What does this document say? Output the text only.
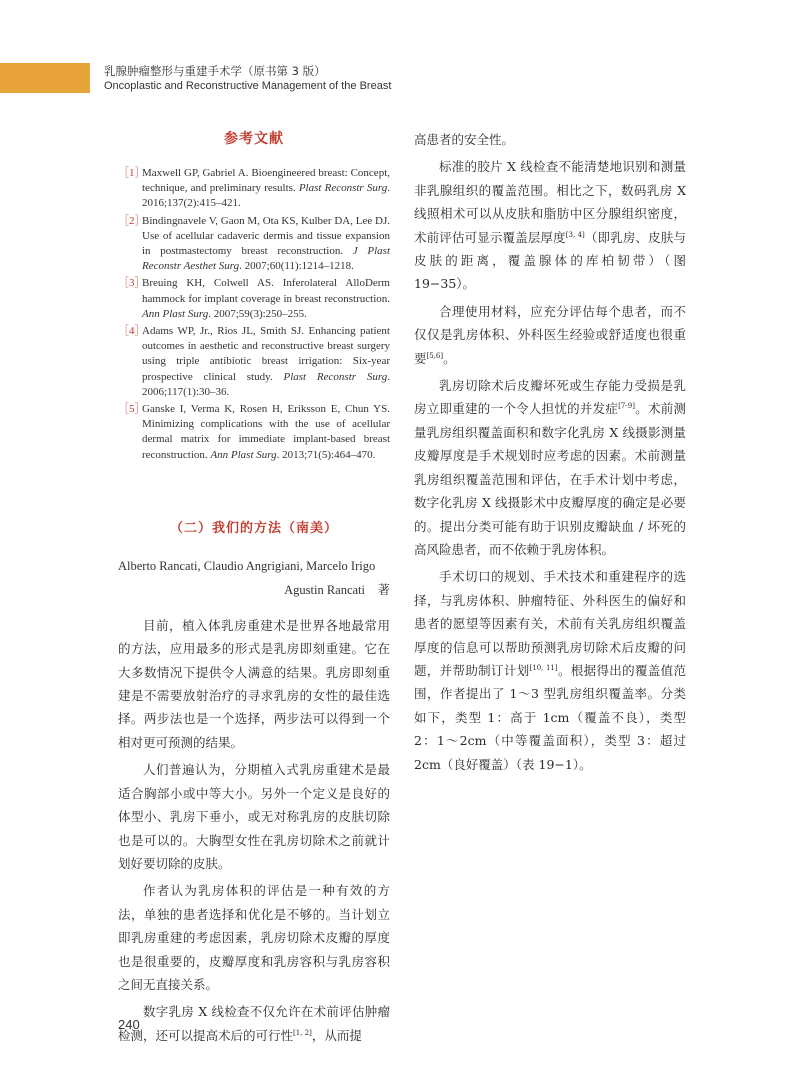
乳腺肿瘤整形与重建手术学（原书第 3 版）
Oncoplastic and Reconstructive Management of the Breast
参考文献
［1］
Maxwell GP, Gabriel A. Bioengineered breast: Concept, technique, and preliminary results. Plast Reconstr Surg. 2016;137(2):415–421.
［2］
Bindingnavele V, Gaon M, Ota KS, Kulber DA, Lee DJ. Use of acellular cadaveric dermis and tissue expansion in postmastectomy breast reconstruction. J Plast Reconstr Aesthet Surg. 2007;60(11):1214–1218.
［3］
Breuing KH, Colwell AS. Inferolateral AlloDerm hammock for implant coverage in breast reconstruction. Ann Plast Surg. 2007;59(3):250–255.
［4］
Adams WP, Jr., Rios JL, Smith SJ. Enhancing patient outcomes in aesthetic and reconstructive breast surgery using triple antibiotic breast irrigation: Six-year prospective clinical study. Plast Reconstr Surg. 2006;117(1):30–36.
［5］
Ganske I, Verma K, Rosen H, Eriksson E, Chun YS. Minimizing complications with the use of acellular dermal matrix for immediate implant-based breast reconstruction. Ann Plast Surg. 2013;71(5):464–470.
（二）我们的方法（南美）
Alberto Rancati, Claudio Angrigiani, Marcelo Irigo
Agustin Rancati　著

目前，植入体乳房重建术是世界各地最常用的方法，应用最多的形式是乳房即刻重建。它在大多数情况下提供令人满意的结果。乳房即刻重建是不需要放射治疗的寻求乳房的女性的最佳选择。两步法也是一个选择，两步法可以得到一个相对更可预测的结果。

人们普遍认为，分期植入式乳房重建术是最适合胸部小或中等大小。另外一个定义是良好的体型小、乳房下垂小，或无对称乳房的皮肤切除也是可以的。大胸型女性在乳房切除术之前就计划好要切除的皮肤。

作者认为乳房体积的评估是一种有效的方法，单独的患者选择和优化是不够的。当计划立即乳房重建的考虑因素，乳房切除术皮瓣的厚度也是很重要的，皮瓣厚度和乳房容积与乳房容积之间无直接关系。

数字乳房 X 线检查不仅允许在术前评估肿瘤检测，还可以提高术后的可行性[1, 2]，从而提

高患者的安全性。

标准的胶片 X 线检查不能清楚地识别和测量非乳腺组织的覆盖范围。相比之下，数码乳房 X 线照相术可以从皮肤和脂肪中区分腺组织密度，术前评估可显示覆盖层厚度[3, 4]（即乳房、皮肤与皮肤的距离，覆盖腺体的库柏韧带）（图 19−35）。

合理使用材料，应充分评估每个患者，而不仅仅是乳房体积、外科医生经验或舒适度也很重要[5,6]。

乳房切除术后皮瓣坏死或生存能力受损是乳房立即重建的一个令人担忧的并发症[7-9]。术前测量乳房组织覆盖面积和数字化乳房 X 线摄影测量皮瓣厚度是手术规划时应考虑的因素。术前测量乳房组织覆盖范围和评估，在手术计划中考虑，数字化乳房 X 线摄影术中皮瓣厚度的确定是必要的。提出分类可能有助于识别皮瓣缺血 / 坏死的高风险患者，而不依赖于乳房体积。

手术切口的规划、手术技术和重建程序的选择，与乳房体积、肿瘤特征、外科医生的偏好和患者的愿望等因素有关，术前有关乳房组织覆盖厚度的信息可以帮助预测乳房切除术后皮瓣的问题，并帮助制订计划[10, 11]。根据得出的覆盖值范围，作者提出了 1～3 型乳房组织覆盖率。分类如下，类型 1：高于 1cm（覆盖不良），类型 2：1～2cm（中等覆盖面积），类型 3：超过 2cm（良好覆盖）（表 19−1）。

240
